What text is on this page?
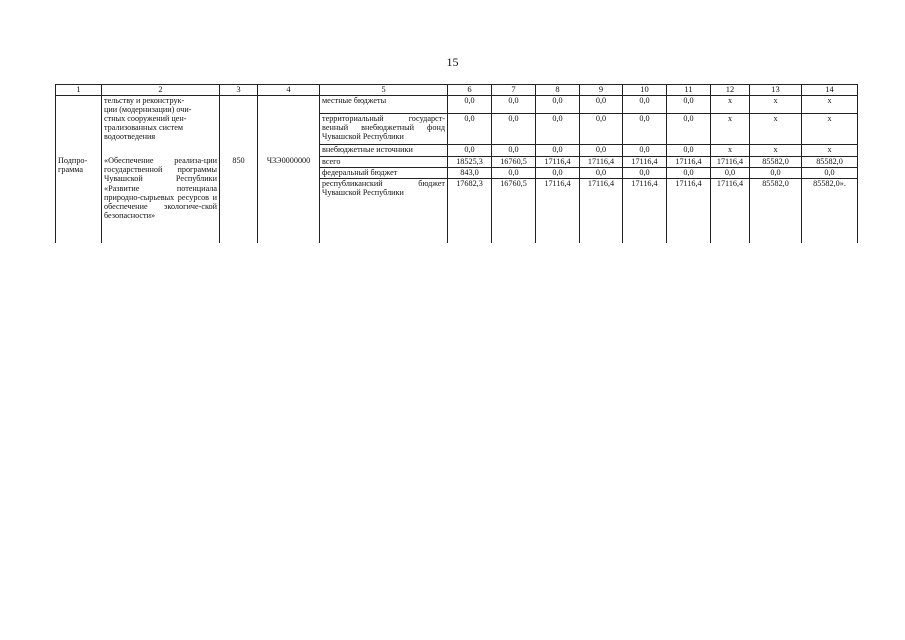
15
1	2	3	4	5	6	7	8	9	10	11	12	13	14

	тельству и реконструк-
ции (модернизации) очи-
стных сооружений цен-
трализованных систем
водоотведения			местные бюджеты	0,0	0,0	0,0	0,0	0,0	0,0	x	x	x
				территориальный государст-венный внебюджетный фонд Чувашской Республики	0,0	0,0	0,0	0,0	0,0	0,0	x	x	x
				внебюджетные источники	0,0	0,0	0,0	0,0	0,0	0,0	x	x	x
Подпро-грамма	«Обеспечение реализа-ции государственной программы Чувашской Республики «Развитие потенциала природно-сырьевых ресурсов и обеспечение экологиче-ской безопасности»	850	Ч3Э0000000	всего	18525,3	16760,5	17116,4	17116,4	17116,4	17116,4	17116,4	85582,0	85582,0
				федеральный бюджет	843,0	0,0	0,0	0,0	0,0	0,0	0,0	0,0	0,0
				республиканский бюджет Чувашской Республики	17682,3	16760,5	17116,4	17116,4	17116,4	17116,4	17116,4	85582,0	85582,0».
